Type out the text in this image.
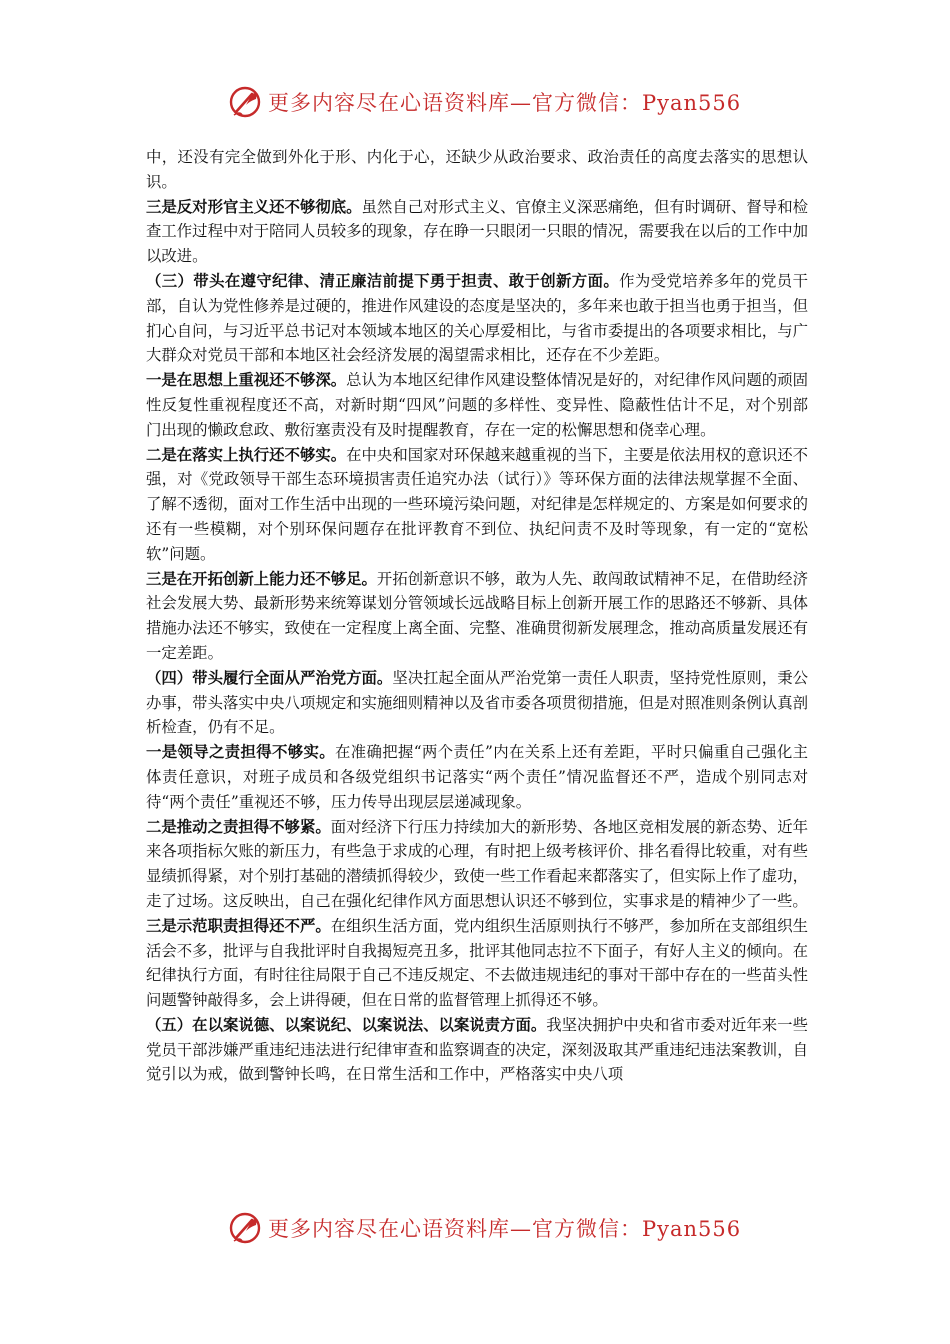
更多内容尽在心语资料库—官方微信：Pyan556

中，还没有完全做到外化于形、内化于心，还缺少从政治要求、政治责任的高度去落实的思想认识。

三是反对形官主义还不够彻底。虽然自己对形式主义、官僚主义深恶痛绝，但有时调研、督导和检查工作过程中对于陪同人员较多的现象，存在睁一只眼闭一只眼的情况，需要我在以后的工作中加以改进。

（三）带头在遵守纪律、清正廉洁前提下勇于担责、敢于创新方面。作为受党培养多年的党员干部，自认为党性修养是过硬的，推进作风建设的态度是坚决的，多年来也敢于担当也勇于担当，但扪心自问，与习近平总书记对本领域本地区的关心厚爱相比，与省市委提出的各项要求相比，与广大群众对党员干部和本地区社会经济发展的渴望需求相比，还存在不少差距。

一是在思想上重视还不够深。总认为本地区纪律作风建设整体情况是好的，对纪律作风问题的顽固性反复性重视程度还不高，对新时期“四风”问题的多样性、变异性、隐蔽性估计不足，对个别部门出现的懒政怠政、敷衍塞责没有及时提醒教育，存在一定的松懈思想和侥幸心理。

二是在落实上执行还不够实。在中央和国家对环保越来越重视的当下，主要是依法用权的意识还不强，对《党政领导干部生态环境损害责任追究办法（试行）》等环保方面的法律法规掌握不全面、了解不透彻，面对工作生活中出现的一些环境污染问题，对纪律是怎样规定的、方案是如何要求的还有一些模糊，对个别环保问题存在批评教育不到位、执纪问责不及时等现象，有一定的“宽松软”问题。

三是在开拓创新上能力还不够足。开拓创新意识不够，敢为人先、敢闯敢试精神不足，在借助经济社会发展大势、最新形势来统筹谋划分管领域长远战略目标上创新开展工作的思路还不够新、具体措施办法还不够实，致使在一定程度上离全面、完整、准确贯彻新发展理念，推动高质量发展还有一定差距。

（四）带头履行全面从严治党方面。坚决扛起全面从严治党第一责任人职责，坚持党性原则，秉公办事，带头落实中央八项规定和实施细则精神以及省市委各项贯彻措施，但是对照准则条例认真剖析检查，仍有不足。

一是领导之责担得不够实。在准确把握“两个责任”内在关系上还有差距，平时只偏重自己强化主体责任意识，对班子成员和各级党组织书记落实“两个责任”情况监督还不严，造成个别同志对待“两个责任”重视还不够，压力传导出现层层递减现象。

二是推动之责担得不够紧。面对经济下行压力持续加大的新形势、各地区竞相发展的新态势、近年来各项指标欠账的新压力，有些急于求成的心理，有时把上级考核评价、排名看得比较重，对有些显绩抓得紧，对个别打基础的潜绩抓得较少，致使一些工作看起来都落实了，但实际上作了虚功，走了过场。这反映出，自己在强化纪律作风方面思想认识还不够到位，实事求是的精神少了一些。

三是示范职责担得还不严。在组织生活方面，党内组织生活原则执行不够严，参加所在支部组织生活会不多，批评与自我批评时自我揭短亮丑多，批评其他同志拉不下面子，有好人主义的倾向。在纪律执行方面，有时往往局限于自己不违反规定、不去做违规违纪的事对干部中存在的一些苗头性问题警钟敲得多，会上讲得硬，但在日常的监督管理上抓得还不够。

（五）在以案说德、以案说纪、以案说法、以案说责方面。我坚决拥护中央和省市委对近年来一些党员干部涉嫌严重违纪违法进行纪律审查和监察调查的决定，深刻汲取其严重违纪违法案教训，自觉引以为戒，做到警钟长鸣，在日常生活和工作中，严格落实中央八项

更多内容尽在心语资料库—官方微信：Pyan556
